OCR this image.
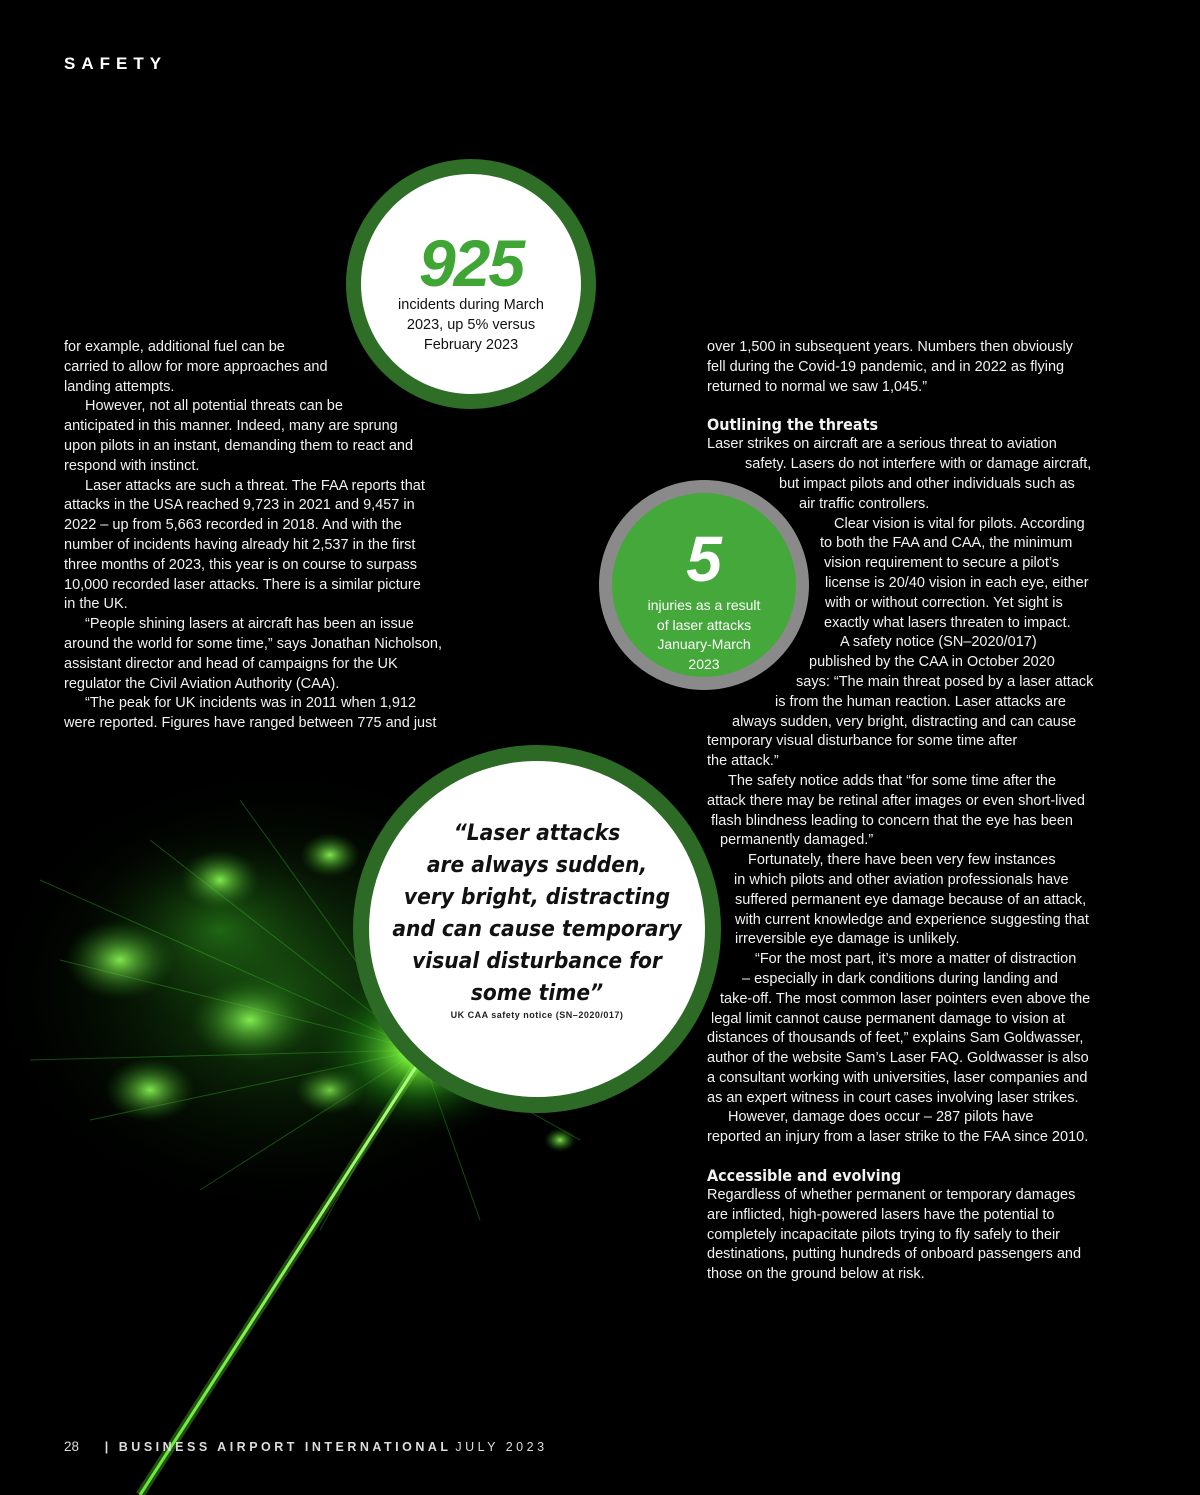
SAFETY

for example, additional fuel can be
carried to allow for more approaches and
landing attempts.

However, not all potential threats can be
anticipated in this manner. Indeed, many are sprung
upon pilots in an instant, demanding them to react and
respond with instinct.

Laser attacks are such a threat. The FAA reports that
attacks in the USA reached 9,723 in 2021 and 9,457 in
2022 – up from 5,663 recorded in 2018. And with the
number of incidents having already hit 2,537 in the first
three months of 2023, this year is on course to surpass
10,000 recorded laser attacks. There is a similar picture
in the UK.

“People shining lasers at aircraft has been an issue
around the world for some time,” says Jonathan Nicholson,
assistant director and head of campaigns for the UK
regulator the Civil Aviation Authority (CAA).

“The peak for UK incidents was in 2011 when 1,912
were reported. Figures have ranged between 775 and just

over 1,500 in subsequent years. Numbers then obviously
fell during the Covid-19 pandemic, and in 2022 as flying
returned to normal we saw 1,045.”

Outlining the threats

Laser strikes on aircraft are a serious threat to aviation
safety. Lasers do not interfere with or damage aircraft,
but impact pilots and other individuals such as
air traffic controllers.
Clear vision is vital for pilots. According
to both the FAA and CAA, the minimum
vision requirement to secure a pilot’s
license is 20/40 vision in each eye, either
with or without correction. Yet sight is
exactly what lasers threaten to impact.
A safety notice (SN–2020/017)
published by the CAA in October 2020
says: “The main threat posed by a laser attack
is from the human reaction. Laser attacks are
always sudden, very bright, distracting and can cause
temporary visual disturbance for some time after
the attack.”
The safety notice adds that “for some time after the
attack there may be retinal after images or even short-lived
flash blindness leading to concern that the eye has been
permanently damaged.”
Fortunately, there have been very few instances
in which pilots and other aviation professionals have
suffered permanent eye damage because of an attack,
with current knowledge and experience suggesting that
irreversible eye damage is unlikely.
“For the most part, it’s more a matter of distraction
– especially in dark conditions during landing and
take-off. The most common laser pointers even above the
legal limit cannot cause permanent damage to vision at
distances of thousands of feet,” explains Sam Goldwasser,
author of the website Sam’s Laser FAQ. Goldwasser is also
a consultant working with universities, laser companies and
as an expert witness in court cases involving laser strikes.
However, damage does occur – 287 pilots have
reported an injury from a laser strike to the FAA since 2010.

Accessible and evolving

Regardless of whether permanent or temporary damages
are inflicted, high-powered lasers have the potential to
completely incapacitate pilots trying to fly safely to their
destinations, putting hundreds of onboard passengers and
those on the ground below at risk.

925
incidents during March
2023, up 5% versus
February 2023
5
injuries as a result
of laser attacks
January-March
2023
“Laser attacks
are always sudden,
very bright, distracting
and can cause temporary
visual disturbance for
some time”
UK CAA safety notice (SN–2020/017)
28 | BUSINESS AIRPORT INTERNATIONAL JULY 2023
